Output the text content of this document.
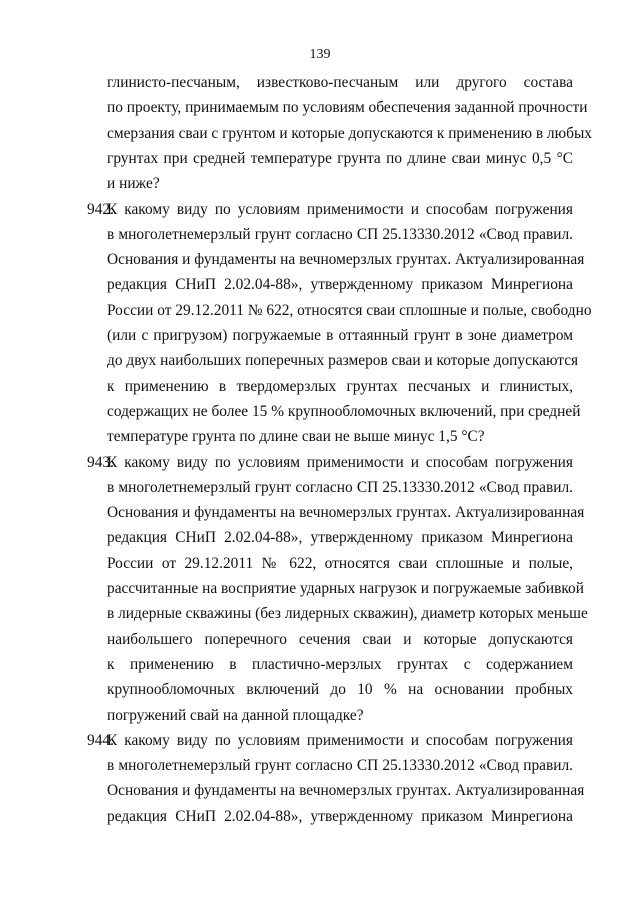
139
глинисто-песчаным, известково-песчаным или другого состава
по проекту, принимаемым по условиям обеспечения заданной прочности
смерзания сваи с грунтом и которые допускаются к применению в любых
грунтах при средней температуре грунта по длине сваи минус 0,5 °С
и ниже?
942.
К какому виду по условиям применимости и способам погружения
в многолетнемерзлый грунт согласно СП 25.13330.2012 «Свод правил.
Основания и фундаменты на вечномерзлых грунтах. Актуализированная
редакция СНиП 2.02.04-88», утвержденному приказом Минрегиона
России от 29.12.2011 № 622, относятся сваи сплошные и полые, свободно
(или с пригрузом) погружаемые в оттаянный грунт в зоне диаметром
до двух наибольших поперечных размеров сваи и которые допускаются
к применению в твердомерзлых грунтах песчаных и глинистых,
содержащих не более 15 % крупнообломочных включений, при средней
температуре грунта по длине сваи не выше минус 1,5 °С?
943.
К какому виду по условиям применимости и способам погружения
в многолетнемерзлый грунт согласно СП 25.13330.2012 «Свод правил.
Основания и фундаменты на вечномерзлых грунтах. Актуализированная
редакция СНиП 2.02.04-88», утвержденному приказом Минрегиона
России от 29.12.2011 № 622, относятся сваи сплошные и полые,
рассчитанные на восприятие ударных нагрузок и погружаемые забивкой
в лидерные скважины (без лидерных скважин), диаметр которых меньше
наибольшего поперечного сечения сваи и которые допускаются
к применению в пластично-мерзлых грунтах с содержанием
крупнообломочных включений до 10 % на основании пробных
погружений свай на данной площадке?
944.
К какому виду по условиям применимости и способам погружения
в многолетнемерзлый грунт согласно СП 25.13330.2012 «Свод правил.
Основания и фундаменты на вечномерзлых грунтах. Актуализированная
редакция СНиП 2.02.04-88», утвержденному приказом Минрегиона
